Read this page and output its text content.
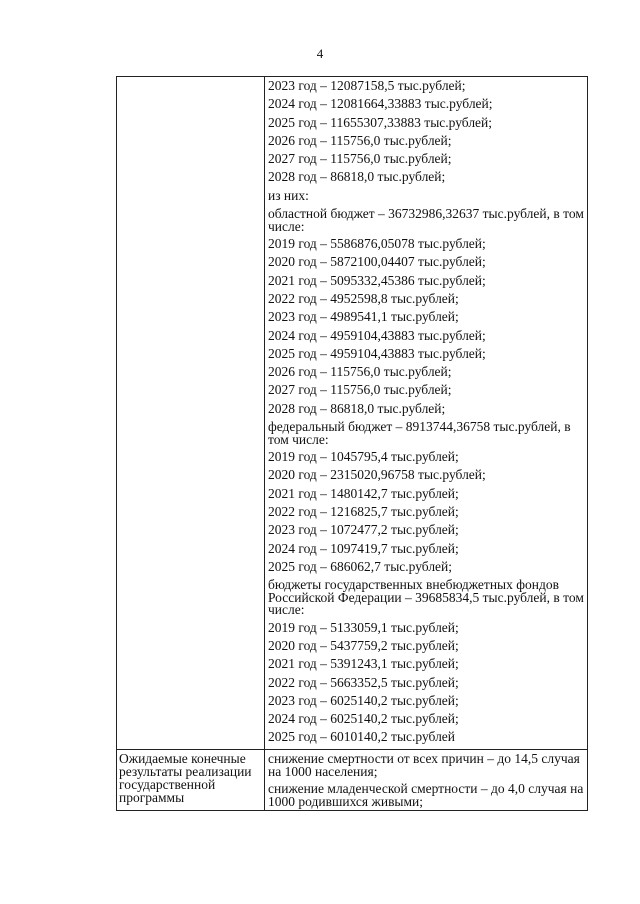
4
2023 год – 12087158,5 тыс.рублей;
2024 год – 12081664,33883 тыс.рублей;
2025 год – 11655307,33883 тыс.рублей;
2026 год – 115756,0 тыс.рублей;
2027 год – 115756,0 тыс.рублей;
2028 год – 86818,0 тыс.рублей;
из них:
областной бюджет – 36732986,32637 тыс.рублей, в том числе:
2019 год – 5586876,05078 тыс.рублей;
2020 год – 5872100,04407 тыс.рублей;
2021 год – 5095332,45386 тыс.рублей;
2022 год – 4952598,8 тыс.рублей;
2023 год – 4989541,1 тыс.рублей;
2024 год – 4959104,43883 тыс.рублей;
2025 год – 4959104,43883 тыс.рублей;
2026 год – 115756,0 тыс.рублей;
2027 год – 115756,0 тыс.рублей;
2028 год – 86818,0 тыс.рублей;
федеральный бюджет – 8913744,36758 тыс.рублей, в том числе:
2019 год – 1045795,4 тыс.рублей;
2020 год – 2315020,96758 тыс.рублей;
2021 год – 1480142,7 тыс.рублей;
2022 год – 1216825,7 тыс.рублей;
2023 год – 1072477,2 тыс.рублей;
2024 год – 1097419,7 тыс.рублей;
2025 год – 686062,7 тыс.рублей;
бюджеты государственных внебюджетных фондов Российской Федерации – 39685834,5 тыс.рублей, в том числе:
2019 год – 5133059,1 тыс.рублей;
2020 год – 5437759,2 тыс.рублей;
2021 год – 5391243,1 тыс.рублей;
2022 год – 5663352,5 тыс.рублей;
2023 год – 6025140,2 тыс.рублей;
2024 год – 6025140,2 тыс.рублей;
2025 год – 6010140,2 тыс.рублей
Ожидаемые конечные результаты реализации государственной программы
снижение смертности от всех причин – до 14,5 случая на 1000 населения;
снижение младенческой смертности – до 4,0 случая на 1000 родившихся живыми;
